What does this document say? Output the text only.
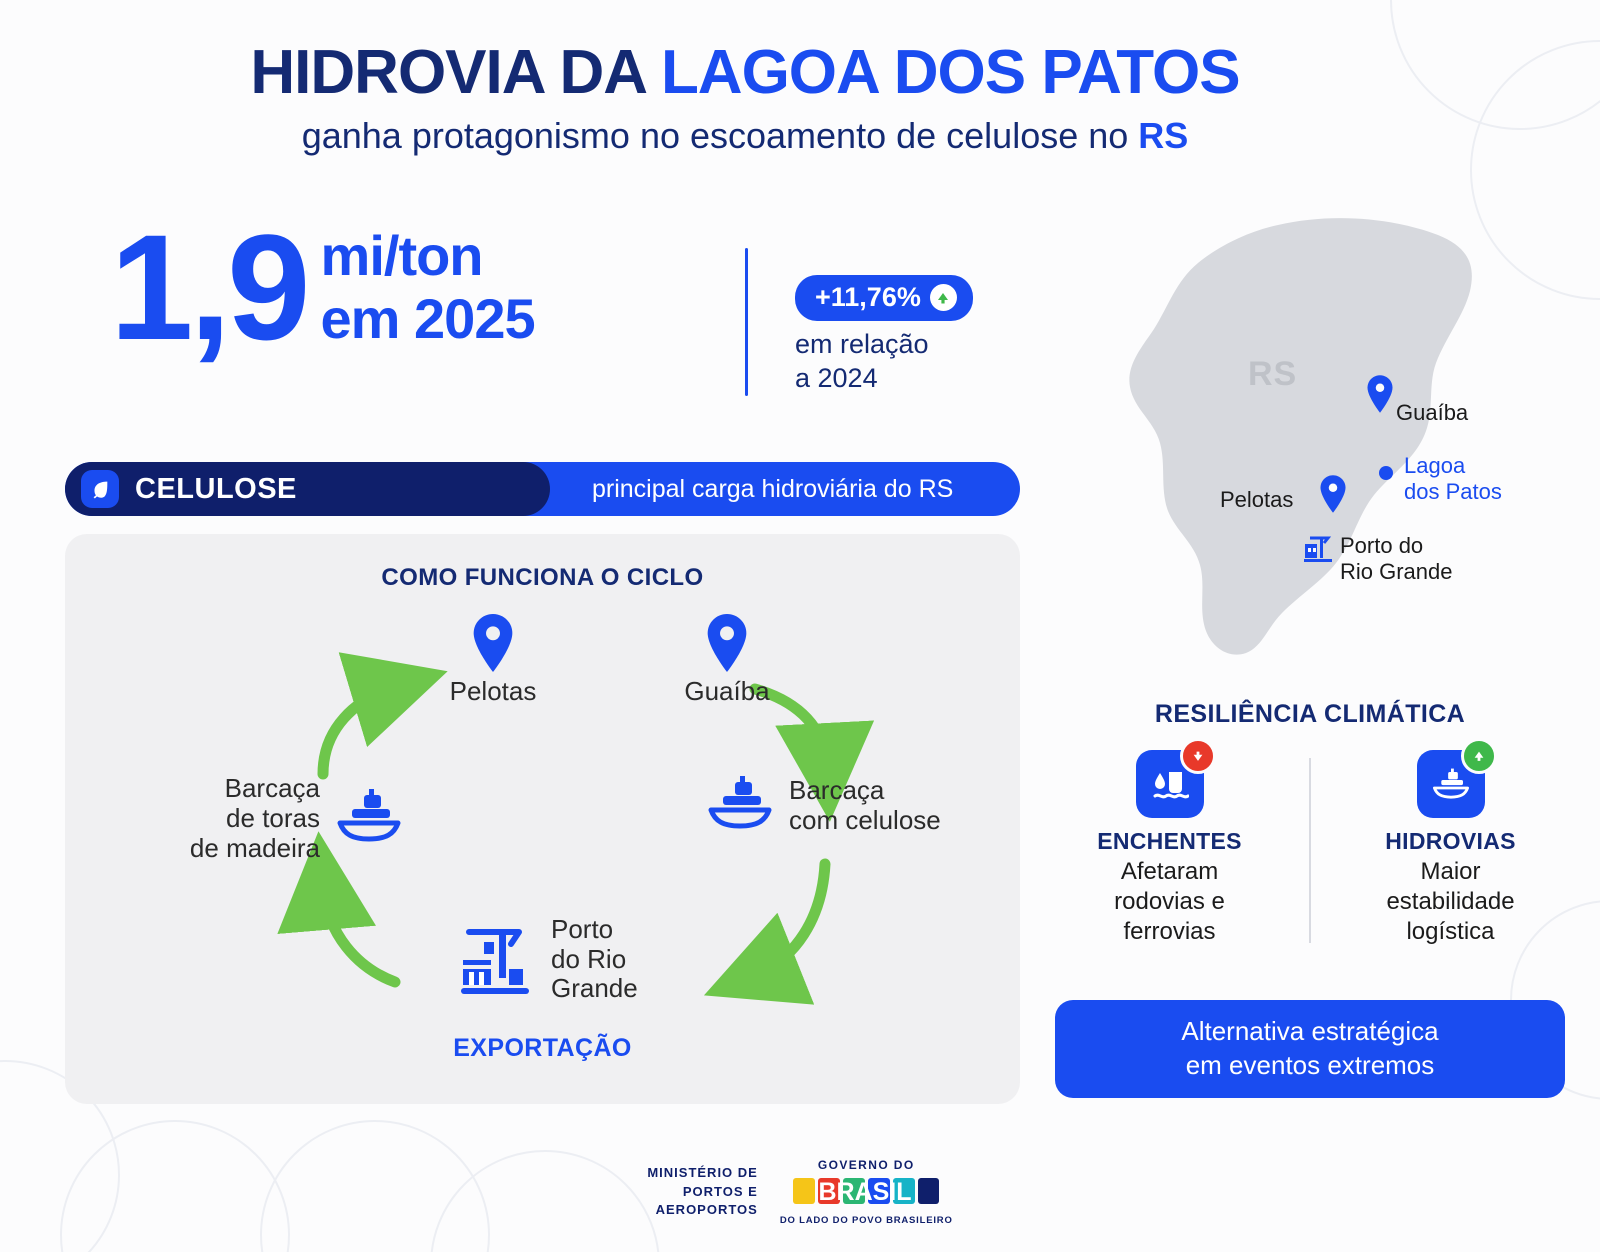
HIDROVIA DA LAGOA DOS PATOS
ganha protagonismo no escoamento de celulose no RS
1,9 mi/ton
em 2025	+11,76%
em relação
a 2024
CELULOSE	principal carga hidroviária do RS
COMO FUNCIONA O CICLO
Pelotas	Guaíba
Barcaça
de toras
de madeira
Barcaça
com celulose
Porto
do Rio
Grande
EXPORTAÇÃO
RS
Guaíba
Lagoa
dos Patos
Pelotas
Porto do
Rio Grande
RESILIÊNCIA CLIMÁTICA
ENCHENTES
Afetaram
rodovias e
ferrovias
HIDROVIAS
Maior
estabilidade
logística
Alternativa estratégica
em eventos extremos
MINISTÉRIO DE
PORTOS E
AEROPORTOS
GOVERNO DO
BRASIL
DO LADO DO POVO BRASILEIRO
